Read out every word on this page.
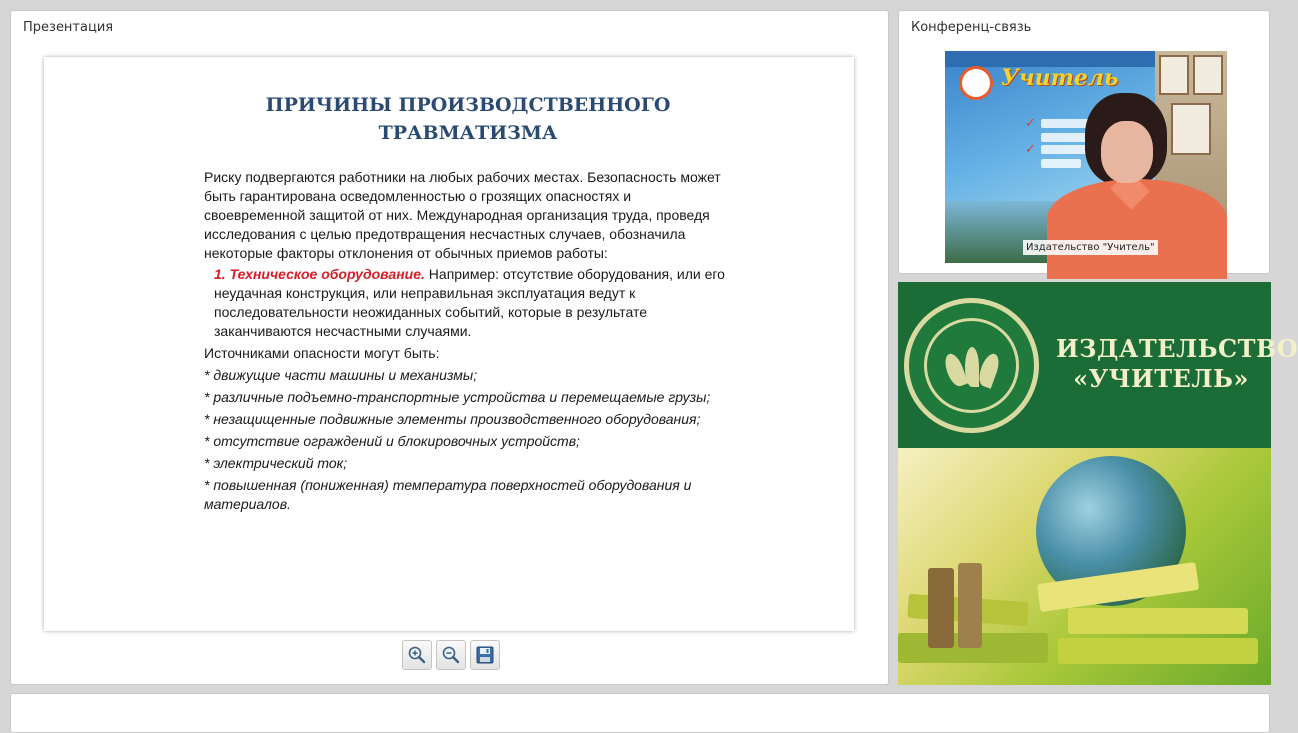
Презентация
ПРИЧИНЫ ПРОИЗВОДСТВЕННОГО
ТРАВМАТИЗМА

Риску подвергаются работники на любых рабочих местах. Безопасность может быть гарантирована осведомленностью о грозящих опасностях и своевременной защитой от них. Международная организация труда, проведя исследования с целью предотвращения несчастных случаев, обозначила некоторые факторы отклонения от обычных приемов работы:

1. Техническое оборудование. Например: отсутствие оборудования, или его неудачная конструкция, или неправильная эксплуатация ведут к последовательности неожиданных событий, которые в результате заканчиваются несчастными случаями.

Источниками опасности могут быть:

* движущие части машины и механизмы;

* различные подъемно-транспортные устройства и перемещаемые грузы;

* незащищенные подвижные элементы производственного оборудования;

* отсутствие ограждений и блокировочных устройств;

* электрический ток;

* повышенная (пониженная) температура поверхностей оборудования и материалов.

Конференц-связь
Учитель
✓
✓
Издательство "Учитель"
ИЗДАТЕЛЬСТВО
«УЧИТЕЛЬ»
